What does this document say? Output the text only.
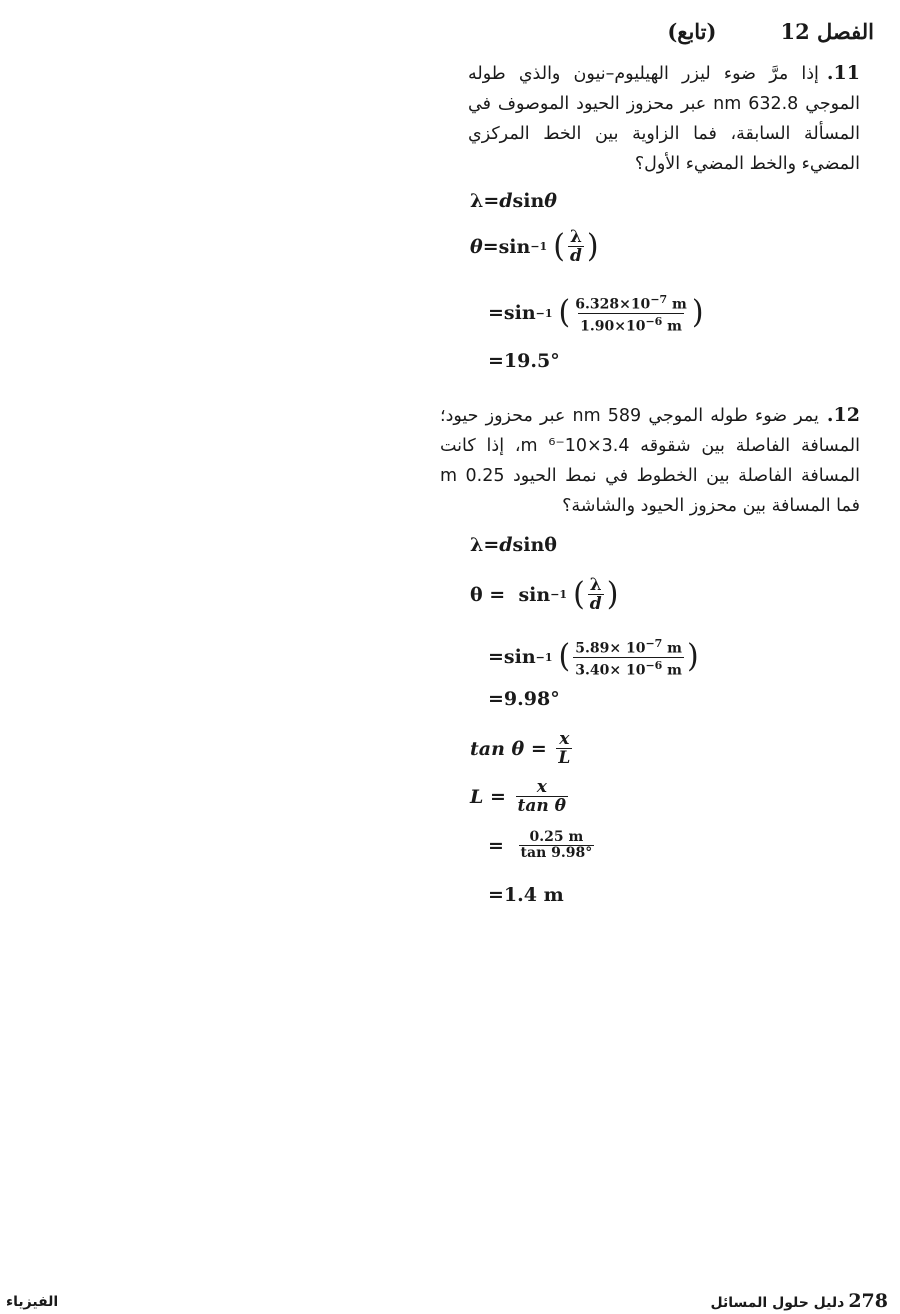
الفصل 12
(تابع)
11.إذا مرَّ ضوء ليزر الهيليوم–نيون والذي طوله الموجي 632.8 nm عبر محزوز الحيود الموصوف في المسألة السابقة، فما الزاوية بين الخط المركزي المضيء والخط المضيء الأول؟
λ = d sin θ
θ = sin −1 ( $\frac{\lambda}{d}$ )
= sin −1 ( $\frac{6.328\times 10^{-7} m}{1.90\times 10^{-6} m}$ )
= 19.5°
12.يمر ضوء طوله الموجي 589 nm عبر محزوز حيود؛ المسافة الفاصلة بين شقوقه 3.4×10⁻⁶ m، إذا كانت المسافة الفاصلة بين الخطوط في نمط الحيود 0.25 m فما المسافة بين محزوز الحيود والشاشة؟
λ = d sin θ
θ = sin −1 ( $\frac{\lambda}{d}$ )
= sin −1 ( $\frac{5.89\times 10^{-7} m}{3.40\times 10^{-6} m}$ )
= 9.98°
$\tan \theta = \frac{x}{L}$
$L = \frac{x}{\text{tan θ}}$
= $\frac{0.25 m}{\tan 9.98^\circ}$
= 1.4 m
الفيزياء	278
دليل حلول المسائل
